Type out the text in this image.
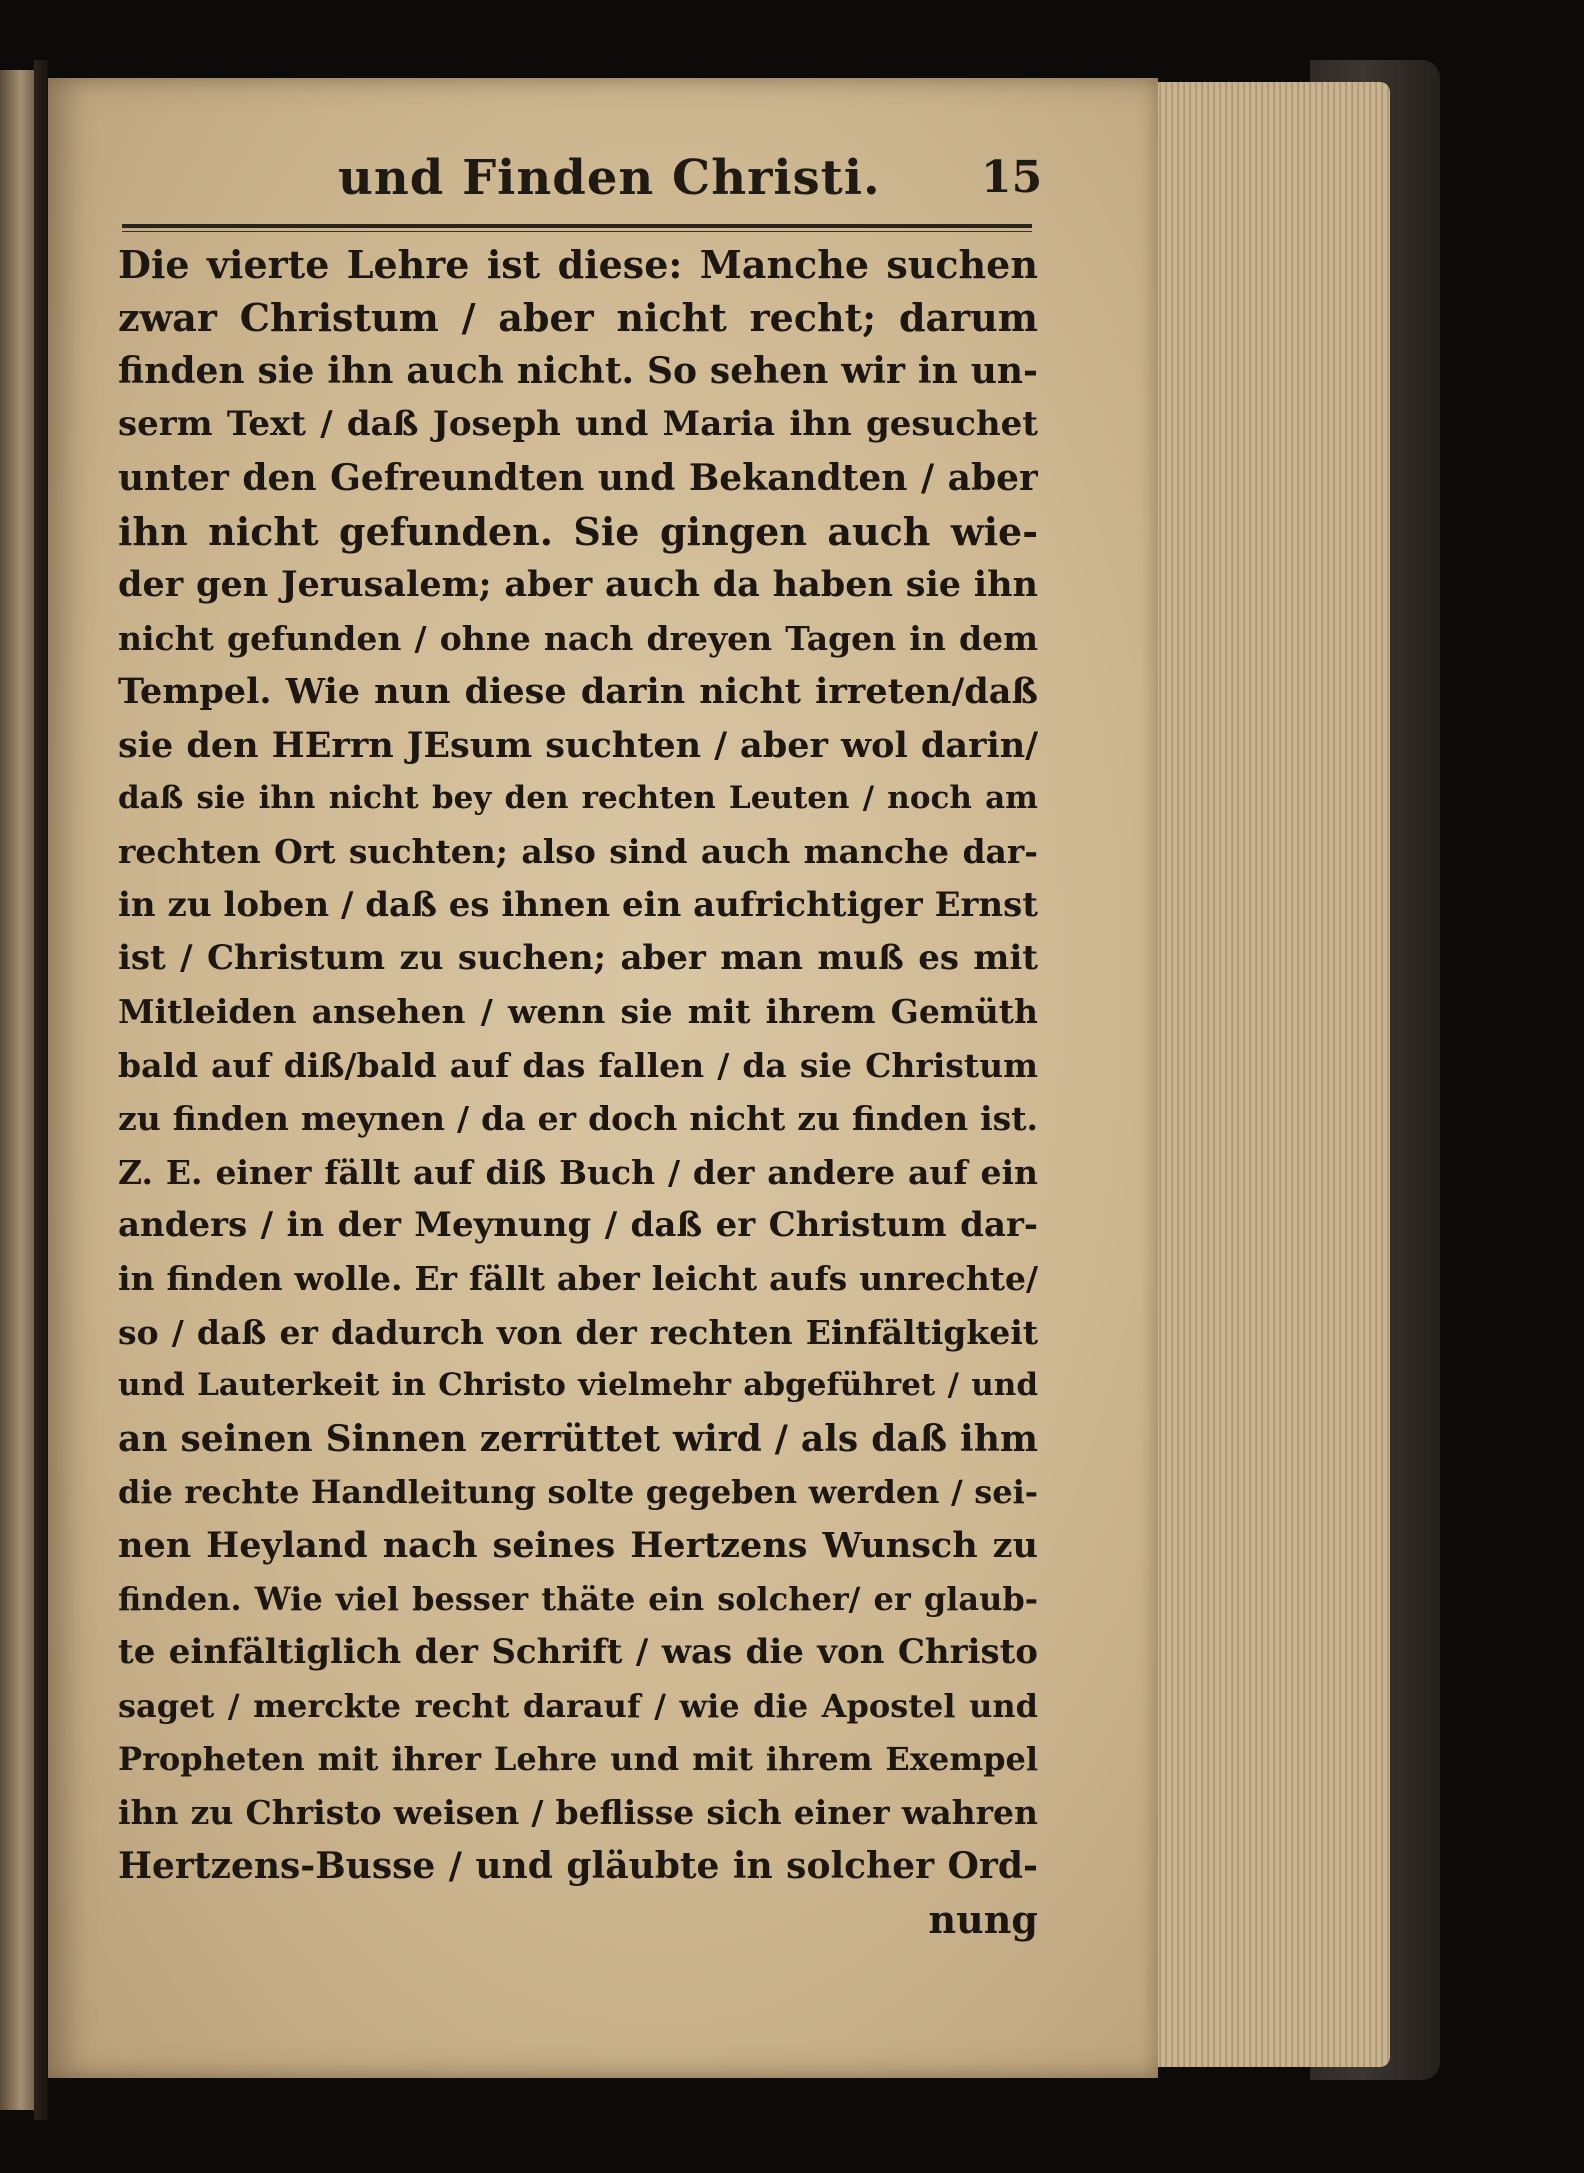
und Finden Christi. 15
Die vierte Lehre ist diese: Manche suchen
zwar Christum / aber nicht recht; darum
finden sie ihn auch nicht. So sehen wir in un-
serm Text / daß Joseph und Maria ihn gesuchet
unter den Gefreundten und Bekandten / aber
ihn nicht gefunden. Sie gingen auch wie-
der gen Jerusalem; aber auch da haben sie ihn
nicht gefunden / ohne nach dreyen Tagen in dem
Tempel. Wie nun diese darin nicht irreten/daß
sie den HErrn JEsum suchten / aber wol darin/
daß sie ihn nicht bey den rechten Leuten / noch am
rechten Ort suchten; also sind auch manche dar-
in zu loben / daß es ihnen ein aufrichtiger Ernst
ist / Christum zu suchen; aber man muß es mit
Mitleiden ansehen / wenn sie mit ihrem Gemüth
bald auf diß/bald auf das fallen / da sie Christum
zu finden meynen / da er doch nicht zu finden ist.
Z. E. einer fällt auf diß Buch / der andere auf ein
anders / in der Meynung / daß er Christum dar-
in finden wolle. Er fällt aber leicht aufs unrechte/
so / daß er dadurch von der rechten Einfältigkeit
und Lauterkeit in Christo vielmehr abgeführet / und
an seinen Sinnen zerrüttet wird / als daß ihm
die rechte Handleitung solte gegeben werden / sei-
nen Heyland nach seines Hertzens Wunsch zu
finden. Wie viel besser thäte ein solcher/ er glaub-
te einfältiglich der Schrift / was die von Christo
saget / merckte recht darauf / wie die Apostel und
Propheten mit ihrer Lehre und mit ihrem Exempel
ihn zu Christo weisen / beflisse sich einer wahren
Hertzens-Busse / und gläubte in solcher Ord-
nung
